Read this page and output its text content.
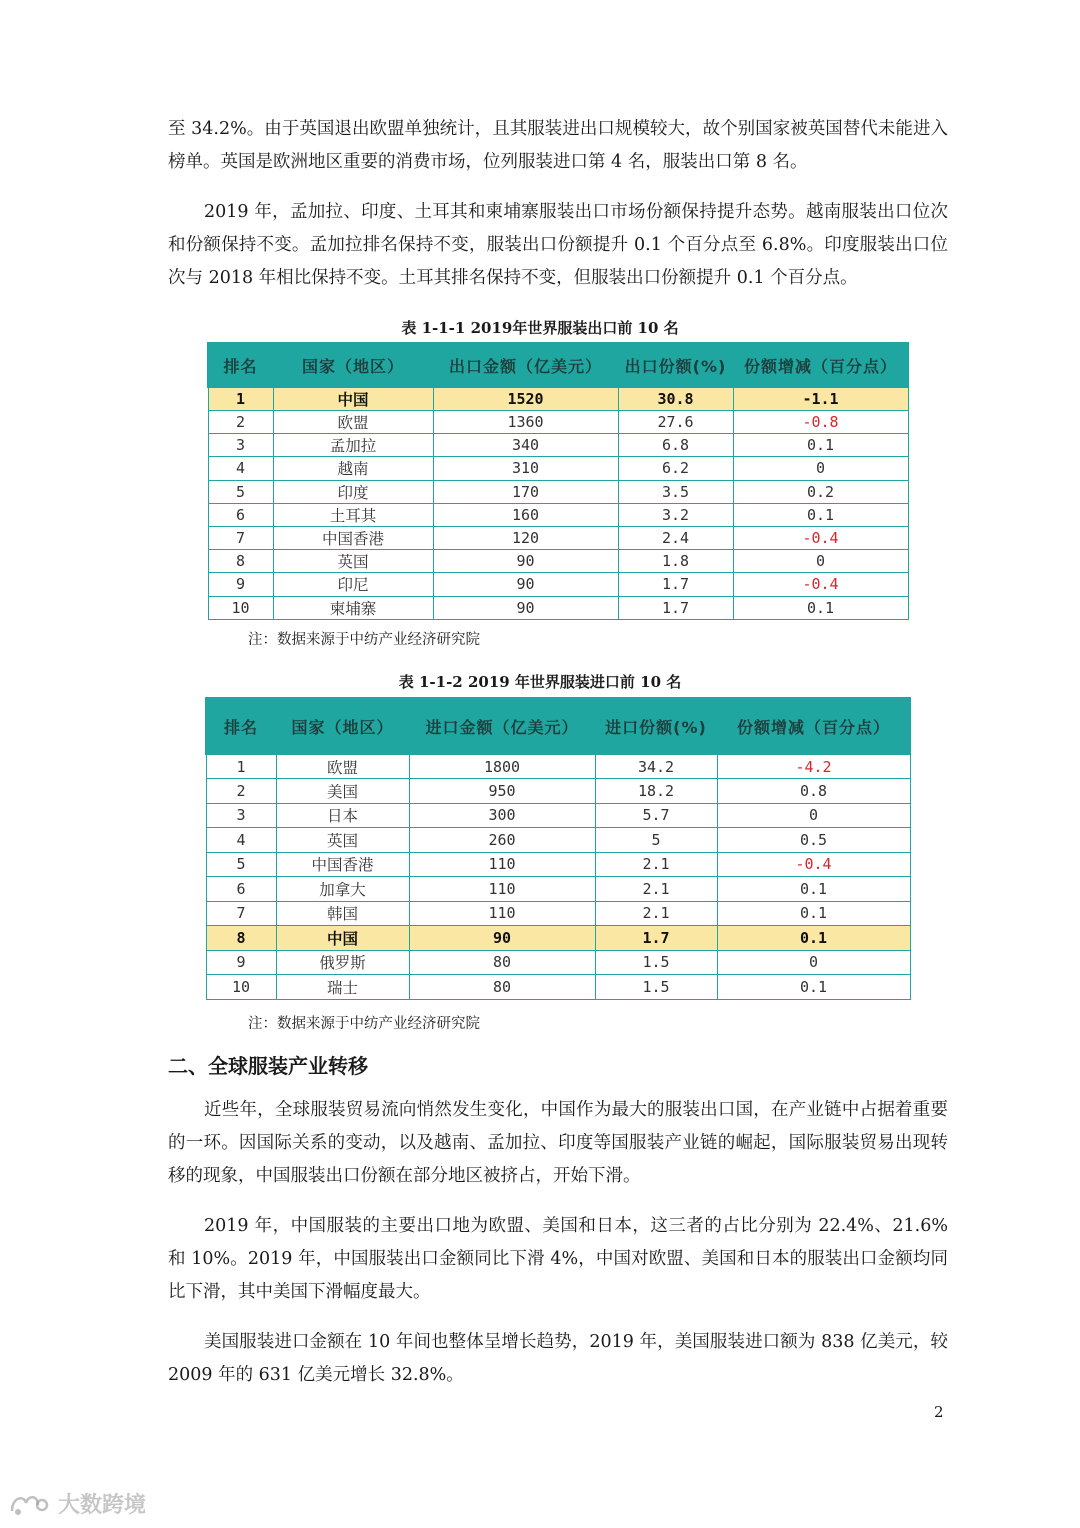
至 34.2%。由于英国退出欧盟单独统计，且其服装进出口规模较大，故个别国家被英国替代未能进入榜单。英国是欧洲地区重要的消费市场，位列服装进口第 4 名，服装出口第 8 名。

2019 年，孟加拉、印度、土耳其和柬埔寨服装出口市场份额保持提升态势。越南服装出口位次和份额保持不变。孟加拉排名保持不变，服装出口份额提升 0.1 个百分点至 6.8%。印度服装出口位次与 2018 年相比保持不变。土耳其排名保持不变，但服装出口份额提升 0.1 个百分点。

表 1-1-1 2019年世界服装出口前 10 名

排名	国家（地区）	出口金额（亿美元）	出口份额(%)	份额增减（百分点）
1	中国	1520	30.8	-1.1
2	欧盟	1360	27.6	-0.8
3	孟加拉	340	6.8	0.1
4	越南	310	6.2	0
5	印度	170	3.5	0.2
6	土耳其	160	3.2	0.1
7	中国香港	120	2.4	-0.4
8	英国	90	1.8	0
9	印尼	90	1.7	-0.4
10	柬埔寨	90	1.7	0.1

注：数据来源于中纺产业经济研究院

表 1-1-2 2019 年世界服装进口前 10 名

排名	国家（地区）	进口金额（亿美元）	进口份额(%)	份额增减（百分点）
1	欧盟	1800	34.2	-4.2
2	美国	950	18.2	0.8
3	日本	300	5.7	0
4	英国	260	5	0.5
5	中国香港	110	2.1	-0.4
6	加拿大	110	2.1	0.1
7	韩国	110	2.1	0.1
8	中国	90	1.7	0.1
9	俄罗斯	80	1.5	0
10	瑞士	80	1.5	0.1

注：数据来源于中纺产业经济研究院

二、全球服装产业转移

近些年，全球服装贸易流向悄然发生变化，中国作为最大的服装出口国，在产业链中占据着重要的一环。因国际关系的变动，以及越南、孟加拉、印度等国服装产业链的崛起，国际服装贸易出现转移的现象，中国服装出口份额在部分地区被挤占，开始下滑。

2019 年，中国服装的主要出口地为欧盟、美国和日本，这三者的占比分别为 22.4%、21.6%和 10%。2019 年，中国服装出口金额同比下滑 4%，中国对欧盟、美国和日本的服装出口金额均同比下滑，其中美国下滑幅度最大。

美国服装进口金额在 10 年间也整体呈增长趋势，2019 年，美国服装进口额为 838 亿美元，较 2009 年的 631 亿美元增长 32.8%。

2
大数跨境
